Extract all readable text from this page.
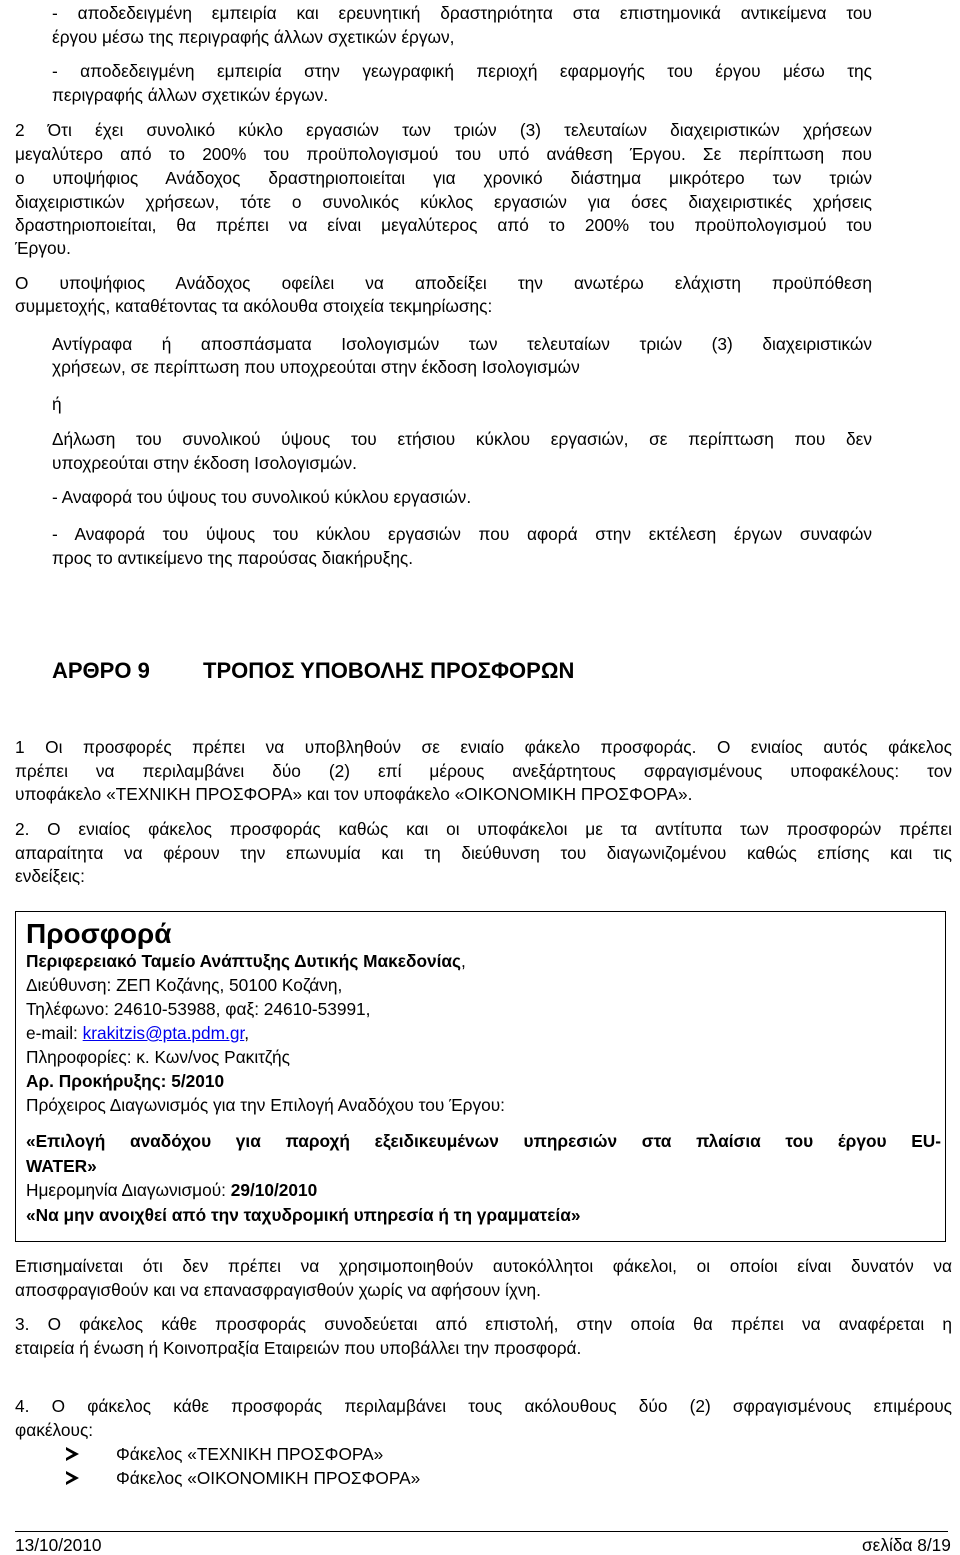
- αποδεδειγμένη εμπειρία και ερευνητική δραστηριότητα στα επιστημονικά αντικείμενα του
έργου μέσω της περιγραφής άλλων σχετικών έργων,
- αποδεδειγμένη εμπειρία στην γεωγραφική περιοχή εφαρμογής του έργου μέσω της
περιγραφής άλλων σχετικών έργων.
2 Ότι έχει συνολικό κύκλο εργασιών των τριών (3) τελευταίων διαχειριστικών χρήσεων
μεγαλύτερο από το 200% του προϋπολογισμού του υπό ανάθεση Έργου. Σε περίπτωση που
ο υποψήφιος Ανάδοχος δραστηριοποιείται για χρονικό διάστημα μικρότερο των τριών
διαχειριστικών χρήσεων, τότε ο συνολικός κύκλος εργασιών για όσες διαχειριστικές χρήσεις
δραστηριοποιείται, θα πρέπει να είναι μεγαλύτερος από το 200% του προϋπολογισμού του
Έργου.
Ο υποψήφιος Ανάδοχος οφείλει να αποδείξει την ανωτέρω ελάχιστη προϋπόθεση
συμμετοχής, καταθέτοντας τα ακόλουθα στοιχεία τεκμηρίωσης:
Αντίγραφα ή αποσπάσματα Ισολογισμών των τελευταίων τριών (3) διαχειριστικών
χρήσεων, σε περίπτωση που υποχρεούται στην έκδοση Ισολογισμών
ή
Δήλωση του συνολικού ύψους του ετήσιου κύκλου εργασιών, σε περίπτωση που δεν
υποχρεούται στην έκδοση Ισολογισμών.
- Αναφορά του ύψους του συνολικού κύκλου εργασιών.
- Αναφορά του ύψους του κύκλου εργασιών που αφορά στην εκτέλεση έργων συναφών
προς το αντικείμενο της παρούσας διακήρυξης.
ΑΡΘΡΟ 9 ΤΡΟΠΟΣ ΥΠΟΒΟΛΗΣ ΠΡΟΣΦΟΡΩΝ
1 Οι προσφορές πρέπει να υποβληθούν σε ενιαίο φάκελο προσφοράς. Ο ενιαίος αυτός φάκελος
πρέπει να περιλαμβάνει δύο (2) επί μέρους ανεξάρτητους σφραγισμένους υποφακέλους: τον
υποφάκελο «ΤΕΧΝΙΚΗ ΠΡΟΣΦΟΡΑ» και τον υποφάκελο «ΟΙΚΟΝΟΜΙΚΗ ΠΡΟΣΦΟΡΑ».
2. Ο ενιαίος φάκελος προσφοράς καθώς και οι υποφάκελοι με τα αντίτυπα των προσφορών πρέπει
απαραίτητα να φέρουν την επωνυμία και τη διεύθυνση του διαγωνιζομένου καθώς επίσης και τις
ενδείξεις:
Προσφορά
Περιφερειακό Ταμείο Ανάπτυξης Δυτικής Μακεδονίας,
Διεύθυνση: ΖΕΠ Κοζάνης, 50100 Κοζάνη,
Τηλέφωνο: 24610-53988, φαξ: 24610-53991,
e-mail: krakitzis@pta.pdm.gr,
Πληροφορίες: κ. Κων/νος Ρακιτζής
Αρ. Προκήρυξης: 5/2010
Πρόχειρος Διαγωνισμός για την Επιλογή Αναδόχου του Έργου:
«Επιλογή αναδόχου για παροχή εξειδικευμένων υπηρεσιών στα πλαίσια του έργου EU-
WATER»
Ημερομηνία Διαγωνισμού: 29/10/2010
«Να μην ανοιχθεί από την ταχυδρομική υπηρεσία ή τη γραμματεία»
Επισημαίνεται ότι δεν πρέπει να χρησιμοποιηθούν αυτοκόλλητοι φάκελοι, οι οποίοι είναι δυνατόν να
αποσφραγισθούν και να επανασφραγισθούν χωρίς να αφήσουν ίχνη.
3. Ο φάκελος κάθε προσφοράς συνοδεύεται από επιστολή, στην οποία θα πρέπει να αναφέρεται η
εταιρεία ή ένωση ή Κοινοπραξία Εταιρειών που υποβάλλει την προσφορά.
4. Ο φάκελος κάθε προσφοράς περιλαμβάνει τους ακόλουθους δύο (2) σφραγισμένους επιμέρους
φακέλους:
Φάκελος «ΤΕΧΝΙΚΗ ΠΡΟΣΦΟΡΑ»
Φάκελος «ΟΙΚΟΝΟΜΙΚΗ ΠΡΟΣΦΟΡΑ»
13/10/2010	σελίδα 8/19
